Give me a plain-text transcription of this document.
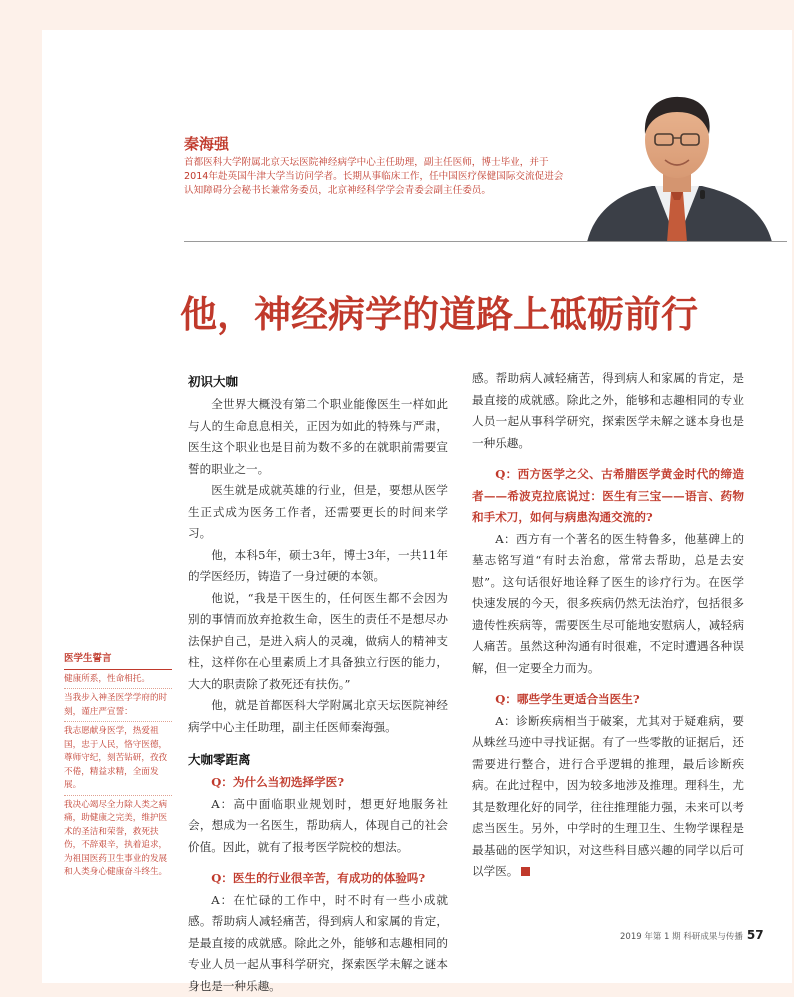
秦海强
首都医科大学附属北京天坛医院神经病学中心主任助理，副主任医师，博士毕业，并于2014年赴英国牛津大学当访问学者。长期从事临床工作，任中国医疗保健国际交流促进会认知障碍分会秘书长兼常务委员，北京神经科学学会青委会副主任委员。
他，神经病学的道路上砥砺前行
医学生誓言

健康所系，性命相托。

当我步入神圣医学学府的时刻，谨庄严宣誓：

我志愿献身医学，热爱祖国，忠于人民，恪守医德，尊师守纪，刻苦钻研，孜孜不倦，精益求精，全面发展。

我决心竭尽全力除人类之病痛，助健康之完美，维护医术的圣洁和荣誉，救死扶伤，不辞艰辛，执着追求，为祖国医药卫生事业的发展和人类身心健康奋斗终生。

初识大咖

全世界大概没有第二个职业能像医生一样如此与人的生命息息相关，正因为如此的特殊与严肃，医生这个职业也是目前为数不多的在就职前需要宣誓的职业之一。

医生就是成就英雄的行业，但是，要想从医学生正式成为医务工作者，还需要更长的时间来学习。

他，本科5年，硕士3年，博士3年，一共11年的学医经历，铸造了一身过硬的本领。

他说，“我是干医生的，任何医生都不会因为别的事情而放弃抢救生命，医生的责任不是想尽办法保护自己，是进入病人的灵魂，做病人的精神支柱，这样你在心里素质上才具备独立行医的能力，大大的职责除了救死还有扶伤。”

他，就是首都医科大学附属北京天坛医院神经病学中心主任助理，副主任医师秦海强。

大咖零距离

Q：为什么当初选择学医?

A：高中面临职业规划时，想更好地服务社会，想成为一名医生，帮助病人，体现自己的社会价值。因此，就有了报考医学院校的想法。

Q：医生的行业很辛苦，有成功的体验吗?

A：在忙碌的工作中，时不时有一些小成就感。帮助病人减轻痛苦，得到病人和家属的肯定，是最直接的成就感。除此之外，能够和志趣相同的专业人员一起从事科学研究，探索医学未解之谜本身也是一种乐趣。

感。帮助病人减轻痛苦，得到病人和家属的肯定，是最直接的成就感。除此之外，能够和志趣相同的专业人员一起从事科学研究，探索医学未解之谜本身也是一种乐趣。

Q：西方医学之父、古希腊医学黄金时代的缔造者——希波克拉底说过：医生有三宝——语言、药物和手术刀，如何与病患沟通交流的?

A：西方有一个著名的医生特鲁多，他墓碑上的墓志铭写道“有时去治愈，常常去帮助，总是去安慰”。这句话很好地诠释了医生的诊疗行为。在医学快速发展的今天，很多疾病仍然无法治疗，包括很多遗传性疾病等，需要医生尽可能地安慰病人，减轻病人痛苦。虽然这种沟通有时很难，不定时遭遇各种误解，但一定要全力而为。

Q：哪些学生更适合当医生?

A：诊断疾病相当于破案，尤其对于疑难病，要从蛛丝马迹中寻找证据。有了一些零散的证据后，还需要进行整合，进行合乎逻辑的推理，最后诊断疾病。在此过程中，因为较多地涉及推理。理科生，尤其是数理化好的同学，往往推理能力强，未来可以考虑当医生。另外，中学时的生理卫生、生物学课程是最基础的医学知识，对这些科目感兴趣的同学以后可以学医。

2019 年第 1 期 科研成果与传播 57
